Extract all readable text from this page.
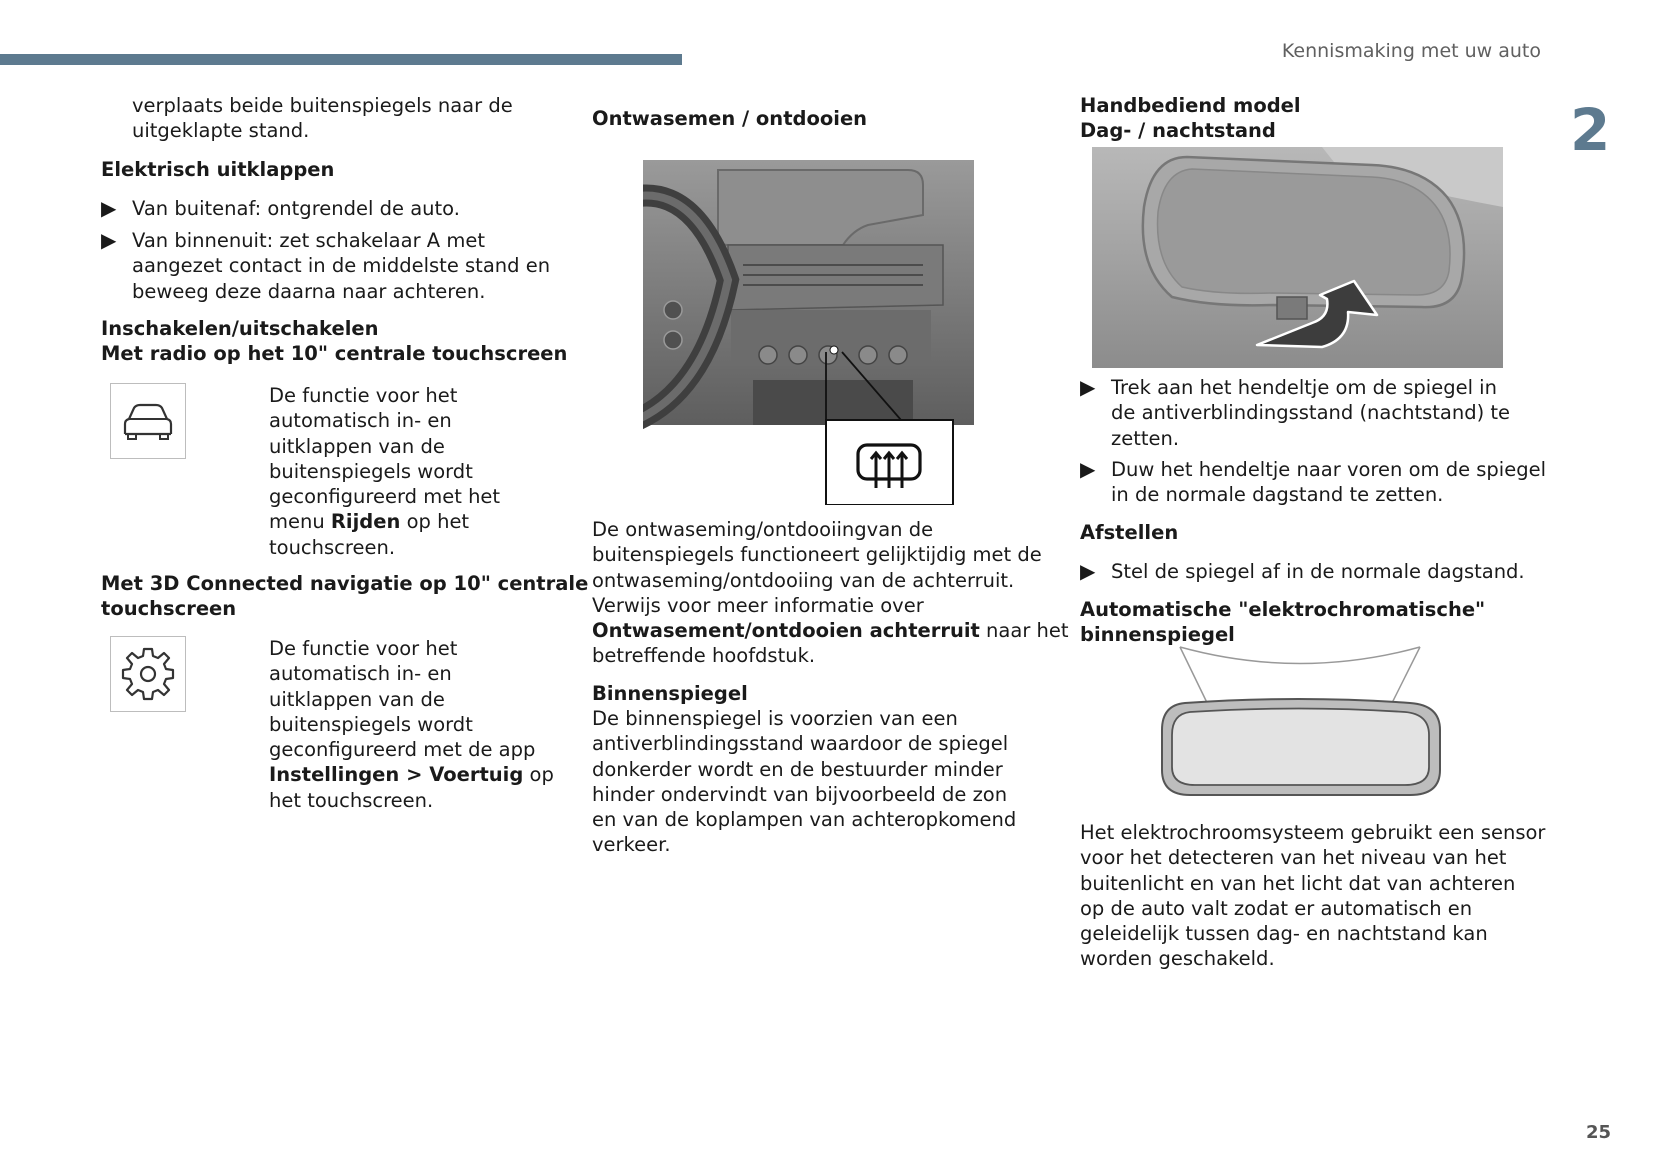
Kennismaking met uw auto
2
25

verplaats beide buitenspiegels naar de
uitgeklapte stand.

Elektrisch uitklappen

▶ Van buitenaf: ontgrendel de auto.

▶ Van binnenuit: zet schakelaar A met
aangezet contact in de middelste stand en
beweeg deze daarna naar achteren.

Inschakelen/uitschakelen
Met radio op het 10" centrale touchscreen

De functie voor het
automatisch in- en
uitklappen van de
buitenspiegels wordt
geconfigureerd met het
menu Rijden op het
touchscreen.

Met 3D Connected navigatie op 10" centrale
touchscreen

De functie voor het
automatisch in- en
uitklappen van de
buitenspiegels wordt
geconfigureerd met de app
Instellingen > Voertuig op
het touchscreen.

Ontwasemen / ontdooien

De ontwaseming/ontdooiingvan de
buitenspiegels functioneert gelijktijdig met de
ontwaseming/ontdooiing van de achterruit.
Verwijs voor meer informatie over
Ontwasement/ontdooien achterruit naar het
betreffende hoofdstuk.

Binnenspiegel

De binnenspiegel is voorzien van een
antiverblindingsstand waardoor de spiegel
donkerder wordt en de bestuurder minder
hinder ondervindt van bijvoorbeeld de zon
en van de koplampen van achteropkomend
verkeer.

Handbediend model
Dag- / nachtstand

▶ Trek aan het hendeltje om de spiegel in
de antiverblindingsstand (nachtstand) te
zetten.

▶ Duw het hendeltje naar voren om de spiegel
in de normale dagstand te zetten.

Afstellen

▶ Stel de spiegel af in de normale dagstand.

Automatische "elektrochromatische"
binnenspiegel

Het elektrochroomsysteem gebruikt een sensor
voor het detecteren van het niveau van het
buitenlicht en van het licht dat van achteren
op de auto valt zodat er automatisch en
geleidelijk tussen dag- en nachtstand kan
worden geschakeld.
